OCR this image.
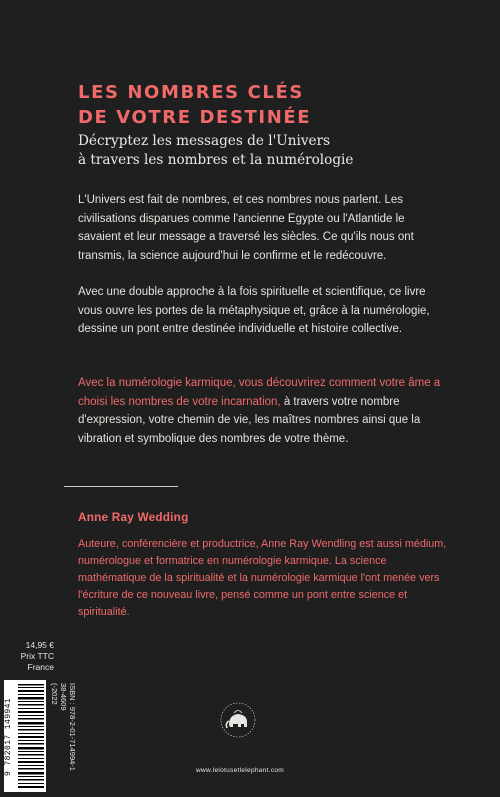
LES NOMBRES CLÉS
DE VOTRE DESTINÉE
Décryptez les messages de l'Univers
à travers les nombres et la numérologie

L'Univers est fait de nombres, et ces nombres nous parlent. Les civilisations disparues comme l'ancienne Egypte ou l'Atlantide le savaient et leur message a traversé les siècles. Ce qu'ils nous ont transmis, la science aujourd'hui le confirme et le redécouvre.

Avec une double approche à la fois spirituelle et scientifique, ce livre vous ouvre les portes de la métaphysique et, grâce à la numérologie, dessine un pont entre destinée individuelle et histoire collective.

Avec la numérologie karmique, vous découvrirez comment votre âme a choisi les nombres de votre incarnation, à travers votre nombre d'expression, votre chemin de vie, les maîtres nombres ainsi que la vibration et symbolique des nombres de votre thème.

Anne Ray Wedding

Auteure, conférencière et productrice, Anne Ray Wendling est aussi médium, numérologue et formatrice en numérologie karmique. La science mathématique de la spiritualité et la numérologie karmique l'ont menée vers l'écriture de ce nouveau livre, pensé comme un pont entre science et spiritualité.

14,95 €
Prix TTC
France
9 782017 149941	ISBN : 978-2-01-714994-1
38-4609
(-2022
www.lelotusetlelephant.com
